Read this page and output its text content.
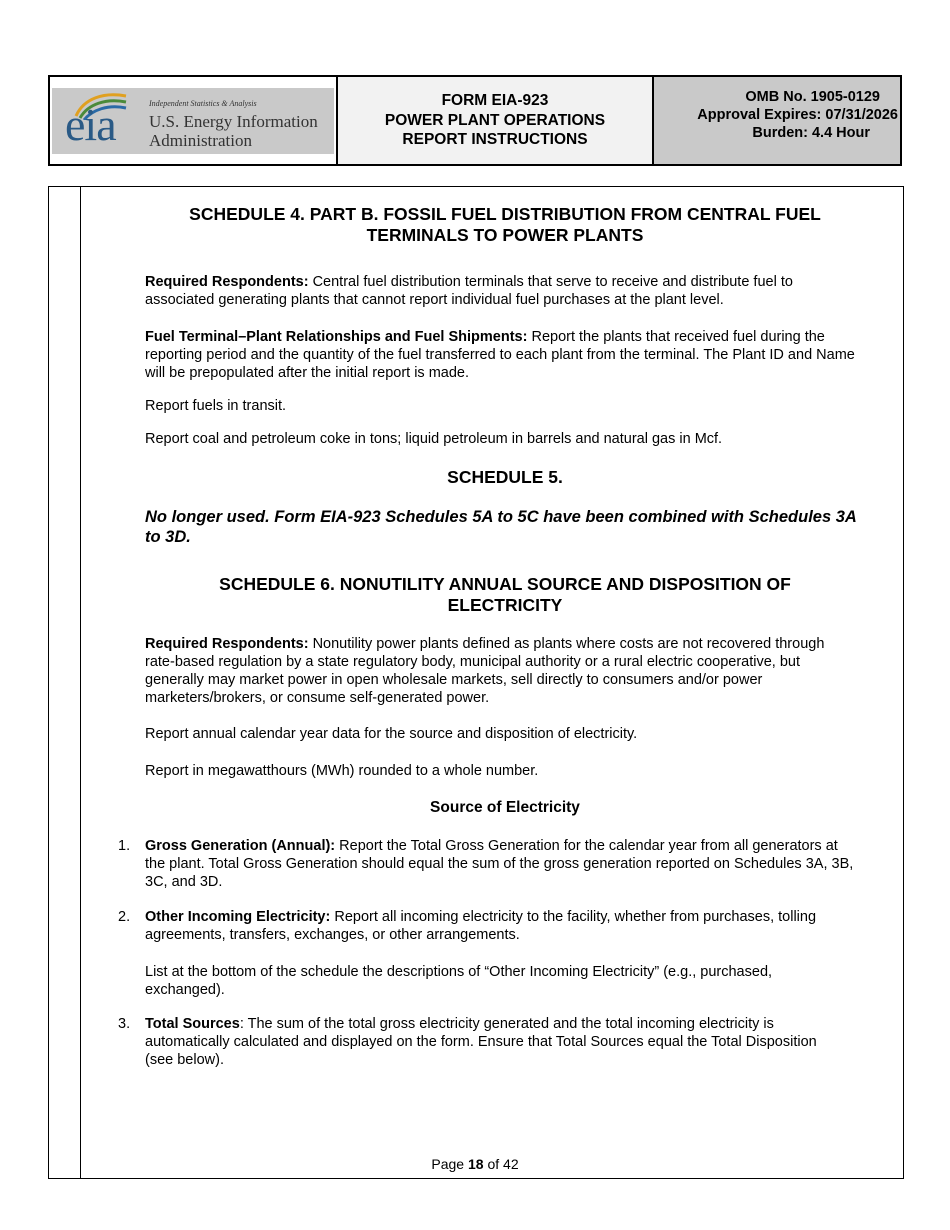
eia	Independent Statistics & Analysis
U.S. Energy Information
Administration
FORM EIA-923
POWER PLANT OPERATIONS
REPORT INSTRUCTIONS
OMB No. 1905-0129
Approval Expires: 07/31/2026
Burden: 4.4 Hour
SCHEDULE 4. PART B. FOSSIL FUEL DISTRIBUTION FROM CENTRAL FUEL
TERMINALS TO POWER PLANTS
Required Respondents: Central fuel distribution terminals that serve to receive and distribute fuel to associated generating plants that cannot report individual fuel purchases at the plant level.
Fuel Terminal–Plant Relationships and Fuel Shipments: Report the plants that received fuel during the reporting period and the quantity of the fuel transferred to each plant from the terminal. The Plant ID and Name will be prepopulated after the initial report is made.
Report fuels in transit.
Report coal and petroleum coke in tons; liquid petroleum in barrels and natural gas in Mcf.
SCHEDULE 5.
No longer used. Form EIA-923 Schedules 5A to 5C have been combined with Schedules 3A to 3D.
SCHEDULE 6. NONUTILITY ANNUAL SOURCE AND DISPOSITION OF
ELECTRICITY
Required Respondents: Nonutility power plants defined as plants where costs are not recovered through rate-based regulation by a state regulatory body, municipal authority or a rural electric cooperative, but generally may market power in open wholesale markets, sell directly to consumers and/or power marketers/brokers, or consume self-generated power.
Report annual calendar year data for the source and disposition of electricity.
Report in megawatthours (MWh) rounded to a whole number.
Source of Electricity
1. Gross Generation (Annual): Report the Total Gross Generation for the calendar year from all generators at the plant. Total Gross Generation should equal the sum of the gross generation reported on Schedules 3A, 3B, 3C, and 3D.
2. Other Incoming Electricity: Report all incoming electricity to the facility, whether from purchases, tolling agreements, transfers, exchanges, or other arrangements.
List at the bottom of the schedule the descriptions of “Other Incoming Electricity” (e.g., purchased, exchanged).
3. Total Sources: The sum of the total gross electricity generated and the total incoming electricity is automatically calculated and displayed on the form. Ensure that Total Sources equal the Total Disposition (see below).
Page 18 of 42
